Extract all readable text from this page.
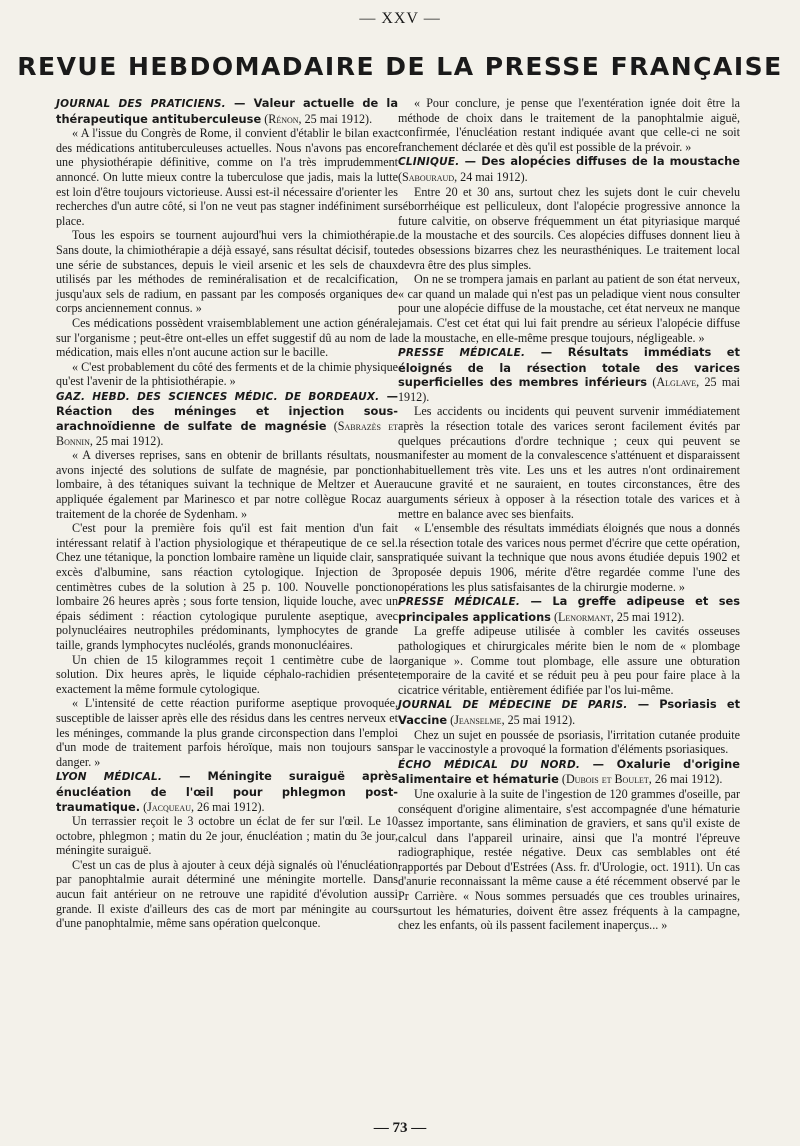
— XXV —
REVUE HEBDOMADAIRE DE LA PRESSE FRANÇAISE

JOURNAL DES PRATICIENS. — Valeur actuelle de la thérapeutique antituberculeuse (Rénon, 25 mai 1912).

« A l'issue du Congrès de Rome, il convient d'établir le bilan exact des médications antituberculeuses actuelles. Nous n'avons pas encore une physiothérapie définitive, comme on l'a très imprudemment annoncé. On lutte mieux contre la tuberculose que jadis, mais la lutte est loin d'être toujours victorieuse. Aussi est-il nécessaire d'orienter les recherches d'un autre côté, si l'on ne veut pas stagner indéfiniment sur place.

Tous les espoirs se tournent aujourd'hui vers la chimiothérapie. Sans doute, la chimiothérapie a déjà essayé, sans résultat décisif, toute une série de substances, depuis le vieil arsenic et les sels de chaux utilisés par les méthodes de reminéralisation et de recalcification, jusqu'aux sels de radium, en passant par les composés organiques de corps anciennement connus. »

Ces médications possèdent vraisemblablement une action générale sur l'organisme ; peut-être ont-elles un effet suggestif dû au nom de la médication, mais elles n'ont aucune action sur le bacille.

« C'est probablement du côté des ferments et de la chimie physique qu'est l'avenir de la phtisiothérapie. »

GAZ. HEBD. DES SCIENCES MÉDIC. DE BORDEAUX. — Réaction des méninges et injection sous-arachnoïdienne de sulfate de magnésie (Sabrazès et Bonnin, 25 mai 1912).

« A diverses reprises, sans en obtenir de brillants résultats, nous avons injecté des solutions de sulfate de magnésie, par ponction lombaire, à des tétaniques suivant la technique de Meltzer et Auer appliquée également par Marinesco et par notre collègue Rocaz au traitement de la chorée de Sydenham. »

C'est pour la première fois qu'il est fait mention d'un fait intéressant relatif à l'action physiologique et thérapeutique de ce sel. Chez une tétanique, la ponction lombaire ramène un liquide clair, sans excès d'albumine, sans réaction cytologique. Injection de 3 centimètres cubes de la solution à 25 p. 100. Nouvelle ponction lombaire 26 heures après ; sous forte tension, liquide louche, avec un épais sédiment : réaction cytologique purulente aseptique, avec polynucléaires neutrophiles prédominants, lymphocytes de grande taille, grands lymphocytes nucléolés, grands mononucléaires.

Un chien de 15 kilogrammes reçoit 1 centimètre cube de la solution. Dix heures après, le liquide céphalo-rachidien présente exactement la même formule cytologique.

« L'intensité de cette réaction puriforme aseptique provoquée, susceptible de laisser après elle des résidus dans les centres nerveux et les méninges, commande la plus grande circonspection dans l'emploi d'un mode de traitement parfois héroïque, mais non toujours sans danger. »

LYON MÉDICAL. — Méningite suraiguë après énucléation de l'œil pour phlegmon post-traumatique. (Jacqueau, 26 mai 1912).

Un terrassier reçoit le 3 octobre un éclat de fer sur l'œil. Le 10 octobre, phlegmon ; matin du 2e jour, énucléation ; matin du 3e jour, méningite suraiguë.

C'est un cas de plus à ajouter à ceux déjà signalés où l'énucléation par panophtalmie aurait déterminé une méningite mortelle. Dans aucun fait antérieur on ne retrouve une rapidité d'évolution aussi grande. Il existe d'ailleurs des cas de mort par méningite au cours d'une panophtalmie, même sans opération quelconque.

« Pour conclure, je pense que l'exentération ignée doit être la méthode de choix dans le traitement de la panophtalmie aiguë, confirmée, l'énucléation restant indiquée avant que celle-ci ne soit franchement déclarée et dès qu'il est possible de la prévoir. »

CLINIQUE. — Des alopécies diffuses de la moustache (Sabouraud, 24 mai 1912).

Entre 20 et 30 ans, surtout chez les sujets dont le cuir chevelu séborrhéique est pelliculeux, dont l'alopécie progressive annonce la future calvitie, on observe fréquemment un état pityriasique marqué de la moustache et des sourcils. Ces alopécies diffuses donnent lieu à des obsessions bizarres chez les neurasthéniques. Le traitement local devra être des plus simples.

On ne se trompera jamais en parlant au patient de son état nerveux, « car quand un malade qui n'est pas un peladique vient nous consulter pour une alopécie diffuse de la moustache, cet état nerveux ne manque jamais. C'est cet état qui lui fait prendre au sérieux l'alopécie diffuse de la moustache, en elle-même presque toujours, négligeable. »

PRESSE MÉDICALE. — Résultats immédiats et éloignés de la résection totale des varices superficielles des membres inférieurs (Alglave, 25 mai 1912).

Les accidents ou incidents qui peuvent survenir immédiatement après la résection totale des varices seront facilement évités par quelques précautions d'ordre technique ; ceux qui peuvent se manifester au moment de la convalescence s'atténuent et disparaissent habituellement très vite. Les uns et les autres n'ont ordinairement aucune gravité et ne sauraient, en toutes circonstances, être des arguments sérieux à opposer à la résection totale des varices et à mettre en balance avec ses bienfaits.

« L'ensemble des résultats immédiats éloignés que nous a donnés la résection totale des varices nous permet d'écrire que cette opération, pratiquée suivant la technique que nous avons étudiée depuis 1902 et proposée depuis 1906, mérite d'être regardée comme l'une des opérations les plus satisfaisantes de la chirurgie moderne. »

PRESSE MÉDICALE. — La greffe adipeuse et ses principales applications (Lenormant, 25 mai 1912).

La greffe adipeuse utilisée à combler les cavités osseuses pathologiques et chirurgicales mérite bien le nom de « plombage organique ». Comme tout plombage, elle assure une obturation temporaire de la cavité et se réduit peu à peu pour faire place à la cicatrice véritable, entièrement édifiée par l'os lui-même.

JOURNAL DE MÉDECINE DE PARIS. — Psoriasis et Vaccine (Jeanselme, 25 mai 1912).

Chez un sujet en poussée de psoriasis, l'irritation cutanée produite par le vaccinostyle a provoqué la formation d'éléments psoriasiques.

ÉCHO MÉDICAL DU NORD. — Oxalurie d'origine alimentaire et hématurie (Dubois et Boulet, 26 mai 1912).

Une oxalurie à la suite de l'ingestion de 120 grammes d'oseille, par conséquent d'origine alimentaire, s'est accompagnée d'une hématurie assez importante, sans élimination de graviers, et sans qu'il existe de calcul dans l'appareil urinaire, ainsi que l'a montré l'épreuve radiographique, restée négative. Deux cas semblables ont été rapportés par Debout d'Estrées (Ass. fr. d'Urologie, oct. 1911). Un cas d'anurie reconnaissant la même cause a été récemment observé par le Pr Carrière. « Nous sommes persuadés que ces troubles urinaires, surtout les hématuries, doivent être assez fréquents à la campagne, chez les enfants, où ils passent facilement inaperçus... »

— 73 —
